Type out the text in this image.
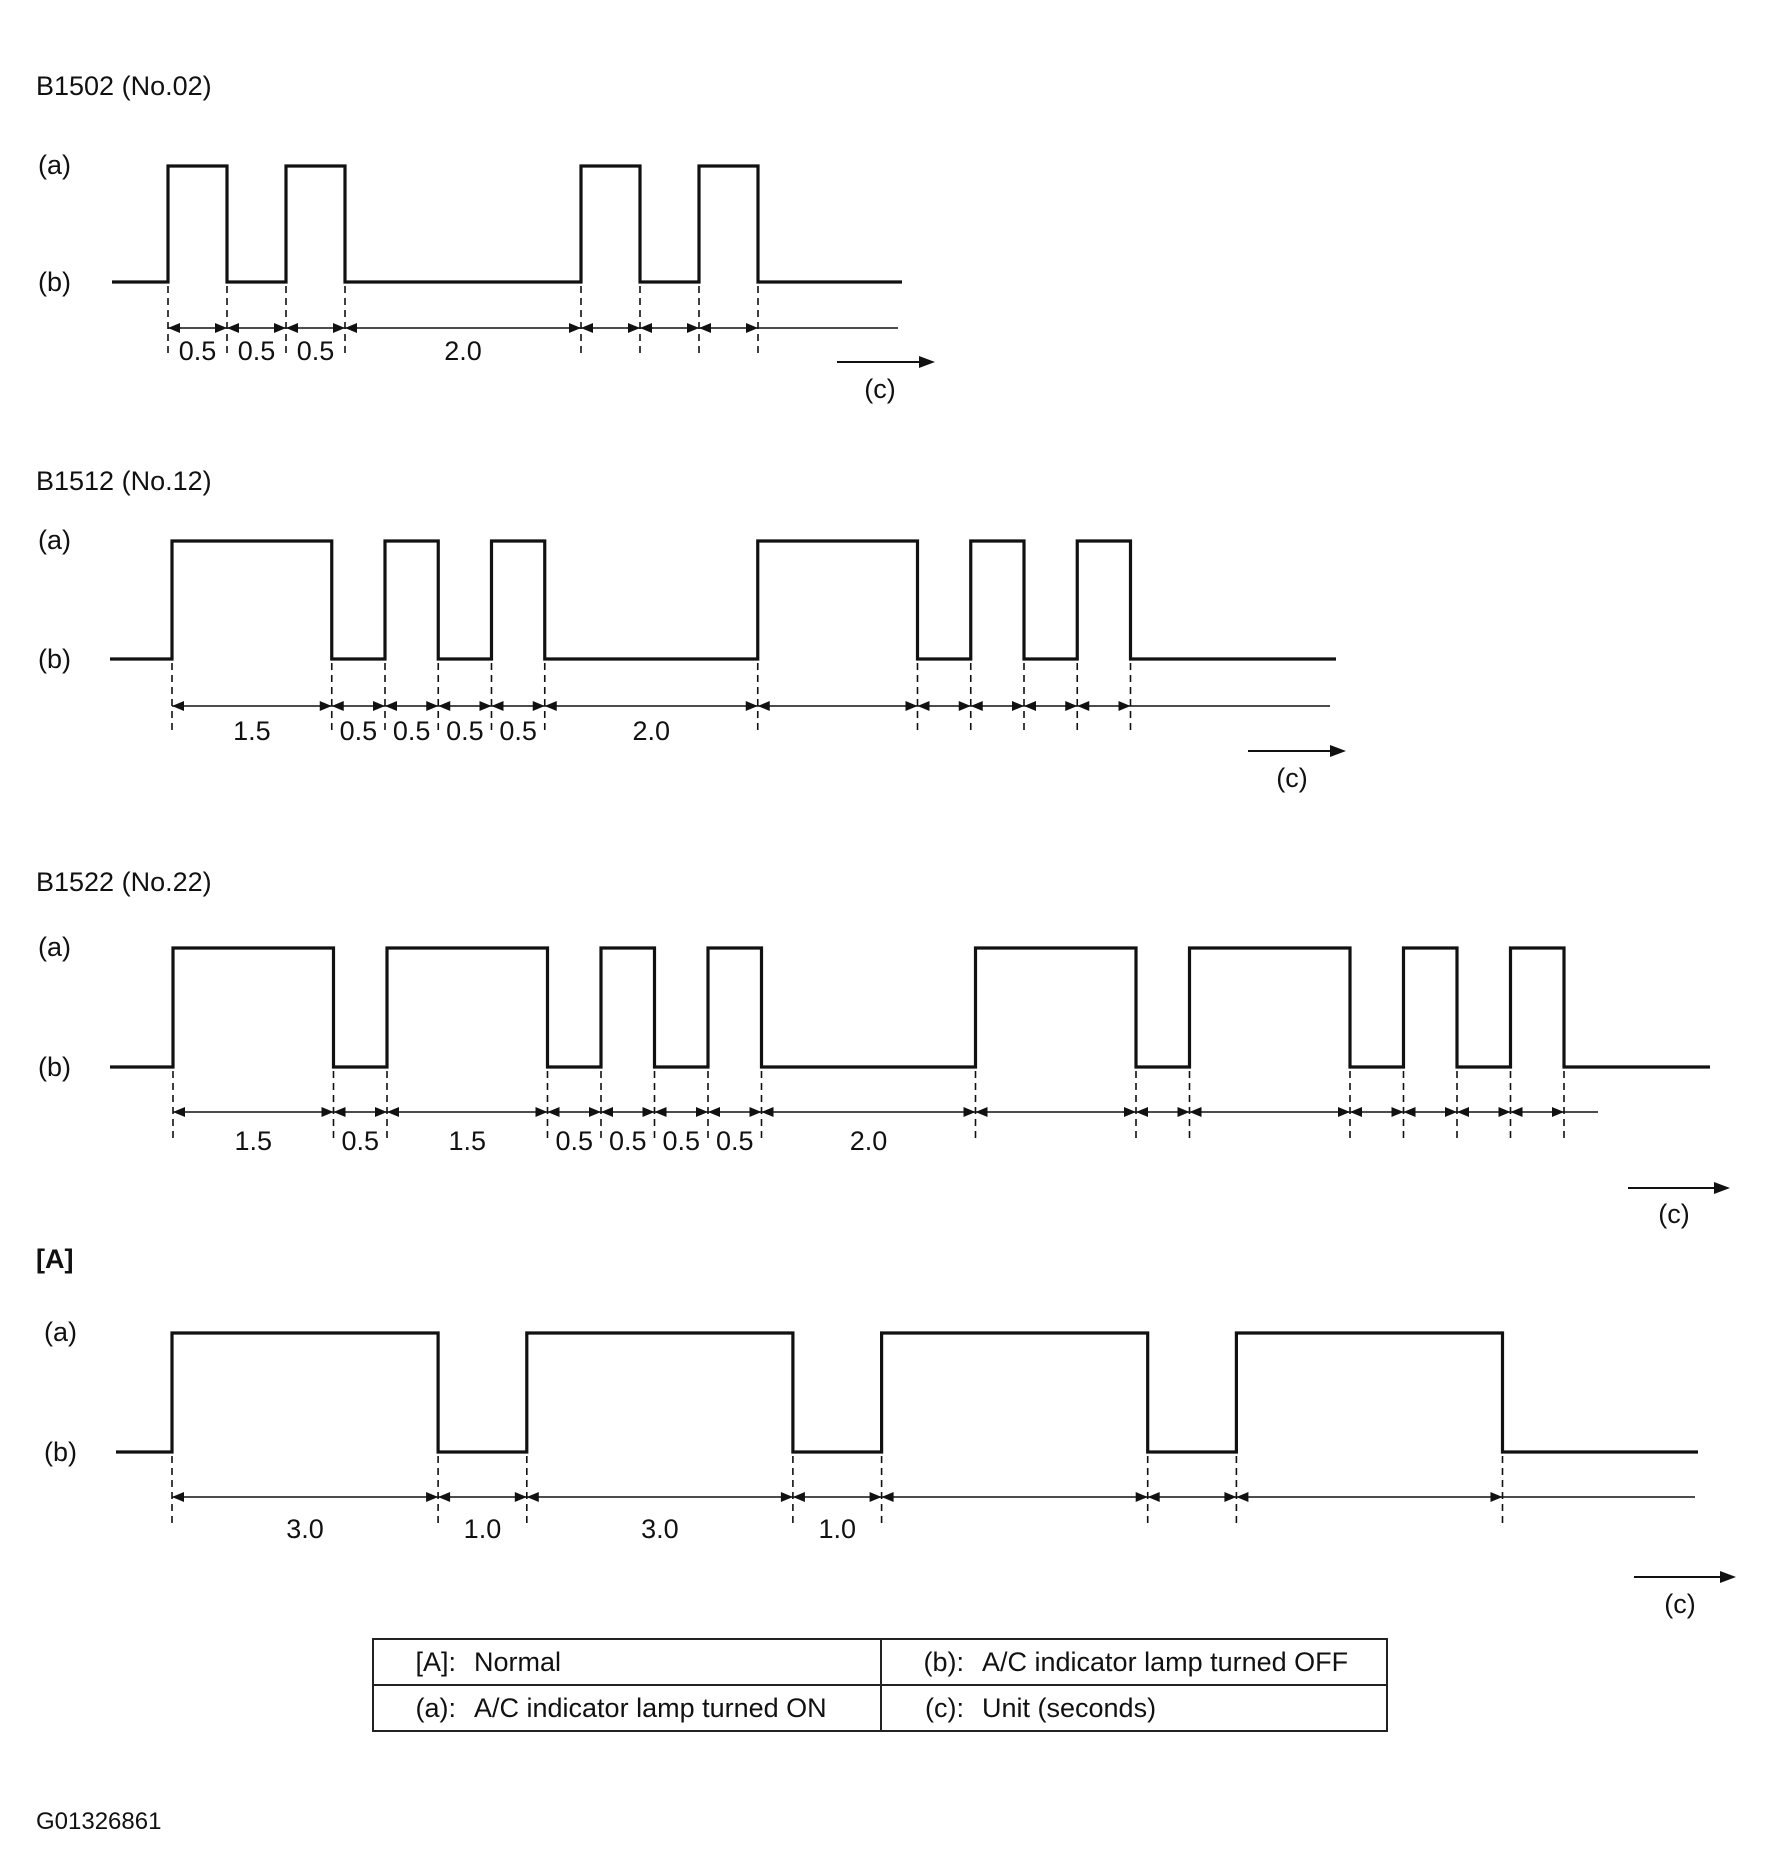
B1502 (No.02)
(a)
(b)
0.5 0.5 0.5	2.0
(c)
B1512 (No.12)
(a)
(b)
1.5	0.5 0.5 0.5 0.5	2.0
(c)
B1522 (No.22)
(a)
(b)
1.5	0.5	1.5	0.5 0.5 0.5 0.5	2.0
(c)
[A]
(a)
(b)
3.0	1.0	3.0	1.0
(c)
[A]: Normal	(b): A/C indicator lamp turned OFF
(a): A/C indicator lamp turned ON	(c): Unit (seconds)
G01326861
